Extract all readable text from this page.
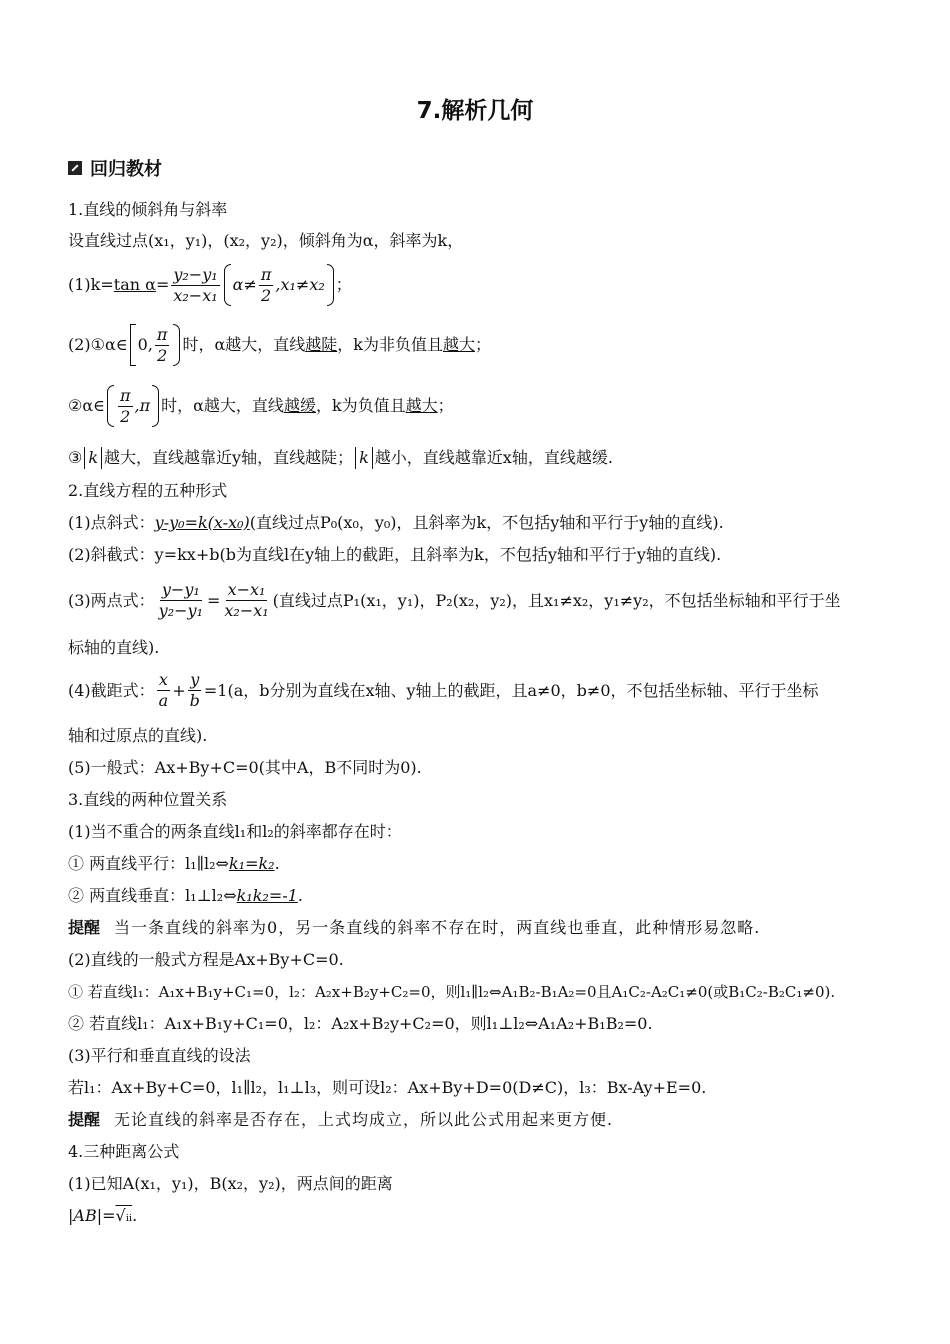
7.解析几何
回归教材
1.直线的倾斜角与斜率
设直线过点(x₁，y₁)，(x₂，y₂)，倾斜角为α，斜率为k，
$(1)k= \tan \alpha = \frac{\text{y₂−y₁}}{\text{x₂−x₁}} \alpha\ne \frac{\pi}{2} ,x_1\ne x_2$ ；
(2)①α∈ 0, $\frac{\pi}{2}$ 时，α越大，直线 越陡 ，k为非负值且 越大 ；
②α∈ $\frac{\pi}{2} ,\pi$ 时，α越大，直线 越缓 ，k为负值且 越大 ；
③ k 越大，直线越靠近y轴，直线越陡； k 越小，直线越靠近x轴，直线越缓.
2.直线方程的五种形式
(1)点斜式：y-y₀=k(x-x₀)(直线过点P₀(x₀，y₀)，且斜率为k，不包括y轴和平行于y轴的直线).
(2)斜截式：y=kx+b(b为直线l在y轴上的截距，且斜率为k，不包括y轴和平行于y轴的直线).
(3)两点式： $\frac{\text{y−y₁}}{\text{y₂−y₁}} = \frac{\text{x−x₁}}{\text{x₂−x₁}}$ (直线过点P₁(x₁，y₁)，P₂(x₂，y₂)，且x₁≠x₂，y₁≠y₂，不包括坐标轴和平行于坐
标轴的直线).
(4)截距式： $\frac{x}{a} + \frac{y}{b} =1(a$，b分别为直线在x轴、y轴上的截距，且a≠0，b≠0，不包括坐标轴、平行于坐标
轴和过原点的直线).
(5)一般式：Ax+By+C=0(其中A，B不同时为0).
3.直线的两种位置关系
(1)当不重合的两条直线l₁和l₂的斜率都存在时：
① 两直线平行：l₁∥l₂⇔k₁=k₂.
② 两直线垂直：l₁⊥l₂⇔k₁k₂=-1.
提醒 当一条直线的斜率为0，另一条直线的斜率不存在时，两直线也垂直，此种情形易忽略.
(2)直线的一般式方程是Ax+By+C=0.
① 若直线l₁：A₁x+B₁y+C₁=0，l₂：A₂x+B₂y+C₂=0，则l₁∥l₂⇔A₁B₂-B₁A₂=0且A₁C₂-A₂C₁≠0(或B₁C₂-B₂C₁≠0).
② 若直线l₁：A₁x+B₁y+C₁=0，l₂：A₂x+B₂y+C₂=0，则l₁⊥l₂⇔A₁A₂+B₁B₂=0.
(3)平行和垂直直线的设法
若l₁：Ax+By+C=0，l₁∥l₂，l₁⊥l₃，则可设l₂：Ax+By+D=0(D≠C)，l₃：Bx-Ay+E=0.
提醒 无论直线的斜率是否存在，上式均成立，所以此公式用起来更方便.
4.三种距离公式
(1)已知A(x₁，y₁)，B(x₂，y₂)，两点间的距离
|AB|=√ᵢᵢ.
